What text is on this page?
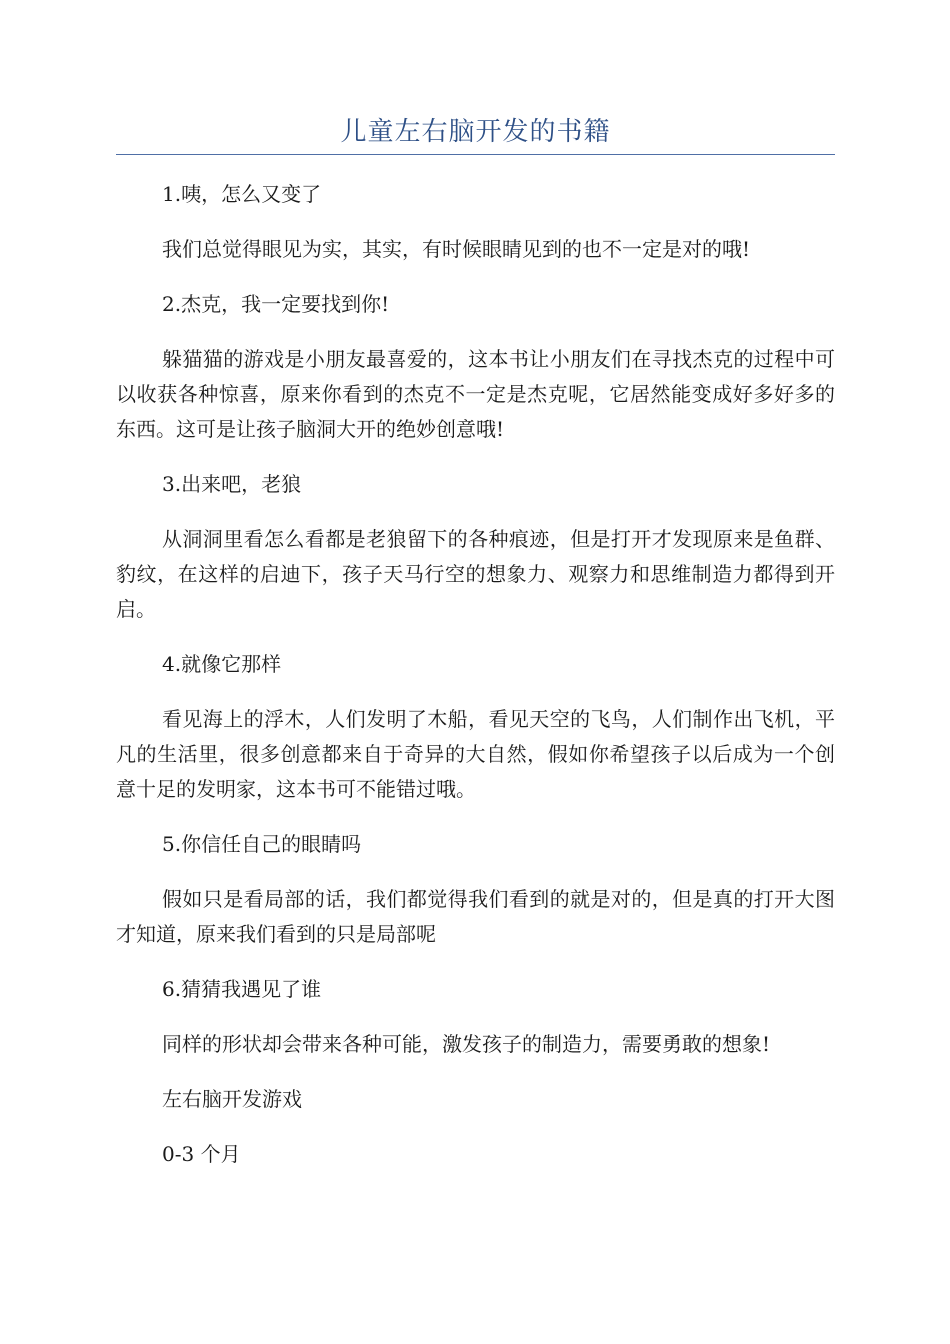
儿童左右脑开发的书籍

1.咦，怎么又变了

我们总觉得眼见为实，其实，有时候眼睛见到的也不一定是对的哦!

2.杰克，我一定要找到你!

躲猫猫的游戏是小朋友最喜爱的，这本书让小朋友们在寻找杰克的过程中可以收获各种惊喜，原来你看到的杰克不一定是杰克呢，它居然能变成好多好多的东西。这可是让孩子脑洞大开的绝妙创意哦!

3.出来吧，老狼

从洞洞里看怎么看都是老狼留下的各种痕迹，但是打开才发现原来是鱼群、豹纹，在这样的启迪下，孩子天马行空的想象力、观察力和思维制造力都得到开启。

4.就像它那样

看见海上的浮木，人们发明了木船，看见天空的飞鸟，人们制作出飞机，平凡的生活里，很多创意都来自于奇异的大自然，假如你希望孩子以后成为一个创意十足的发明家，这本书可不能错过哦。

5.你信任自己的眼睛吗

假如只是看局部的话，我们都觉得我们看到的就是对的，但是真的打开大图才知道，原来我们看到的只是局部呢

6.猜猜我遇见了谁

同样的形状却会带来各种可能，激发孩子的制造力，需要勇敢的想象!

左右脑开发游戏

0-3 个月
